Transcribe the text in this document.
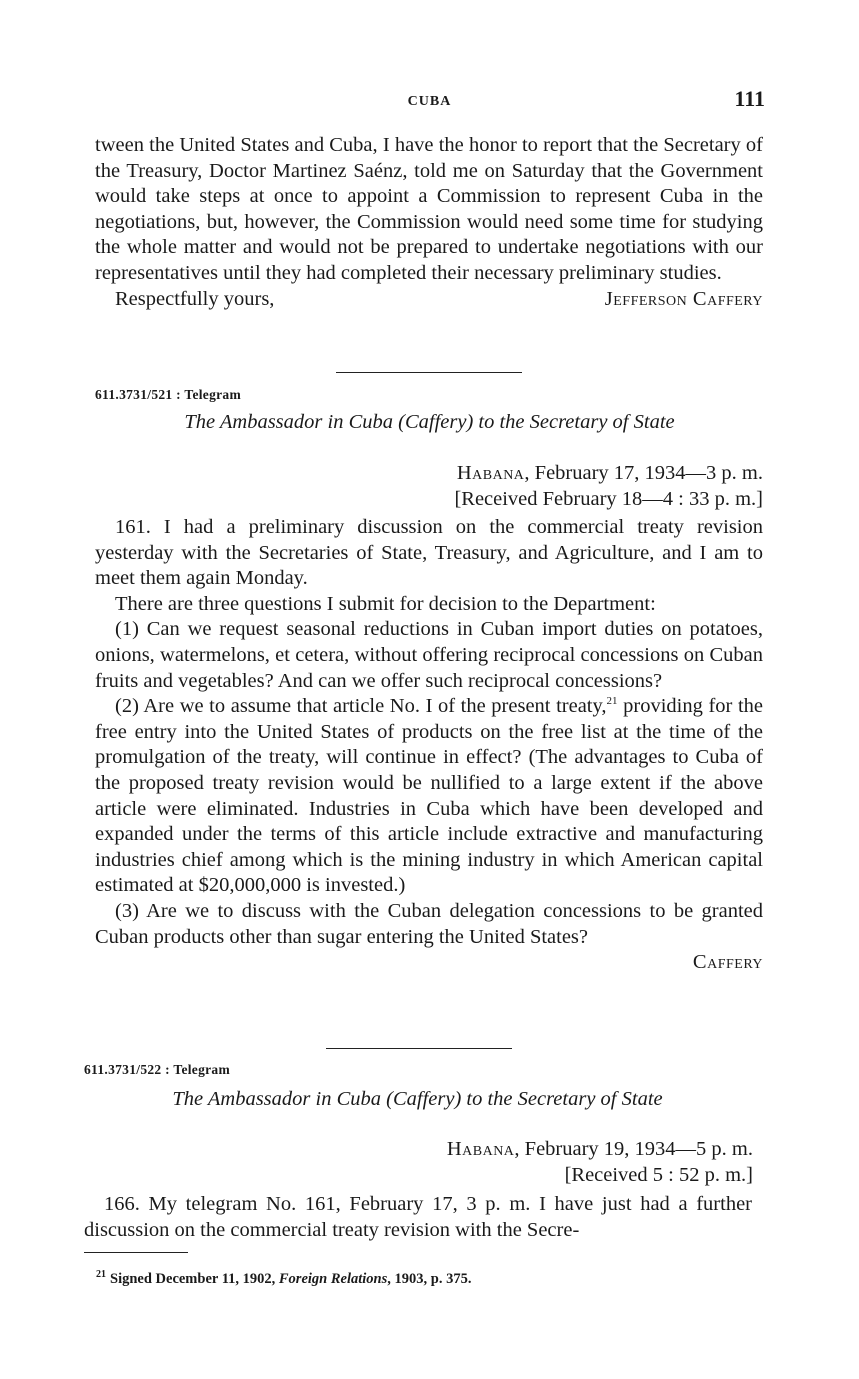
CUBA	111

tween the United States and Cuba, I have the honor to report that the Secretary of the Treasury, Doctor Martinez Saénz, told me on Saturday that the Government would take steps at once to appoint a Commission to represent Cuba in the negotiations, but, however, the Commission would need some time for studying the whole matter and would not be prepared to undertake negotiations with our representatives until they had completed their necessary preliminary studies.

Respectfully yours,	Jefferson Caffery
611.3731/521 : Telegram
The Ambassador in Cuba (Caffery) to the Secretary of State
Habana, February 17, 1934—3 p. m.
[Received February 18—4 : 33 p. m.]

161. I had a preliminary discussion on the commercial treaty revision yesterday with the Secretaries of State, Treasury, and Agriculture, and I am to meet them again Monday.

There are three questions I submit for decision to the Department:

(1) Can we request seasonal reductions in Cuban import duties on potatoes, onions, watermelons, et cetera, without offering reciprocal concessions on Cuban fruits and vegetables? And can we offer such reciprocal concessions?

(2) Are we to assume that article No. I of the present treaty,$^{21}$ providing for the free entry into the United States of products on the free list at the time of the promulgation of the treaty, will continue in effect? (The advantages to Cuba of the proposed treaty revision would be nullified to a large extent if the above article were eliminated. Industries in Cuba which have been developed and expanded under the terms of this article include extractive and manufacturing industries chief among which is the mining industry in which American capital estimated at $20,000,000 is invested.)

(3) Are we to discuss with the Cuban delegation concessions to be granted Cuban products other than sugar entering the United States?

Caffery
611.3731/522 : Telegram
The Ambassador in Cuba (Caffery) to the Secretary of State
Habana, February 19, 1934—5 p. m.
[Received 5 : 52 p. m.]

166. My telegram No. 161, February 17, 3 p. m. I have just had a further discussion on the commercial treaty revision with the Secre-

$^{21}$ Signed December 11, 1902, Foreign Relations, 1903, p. 375.
